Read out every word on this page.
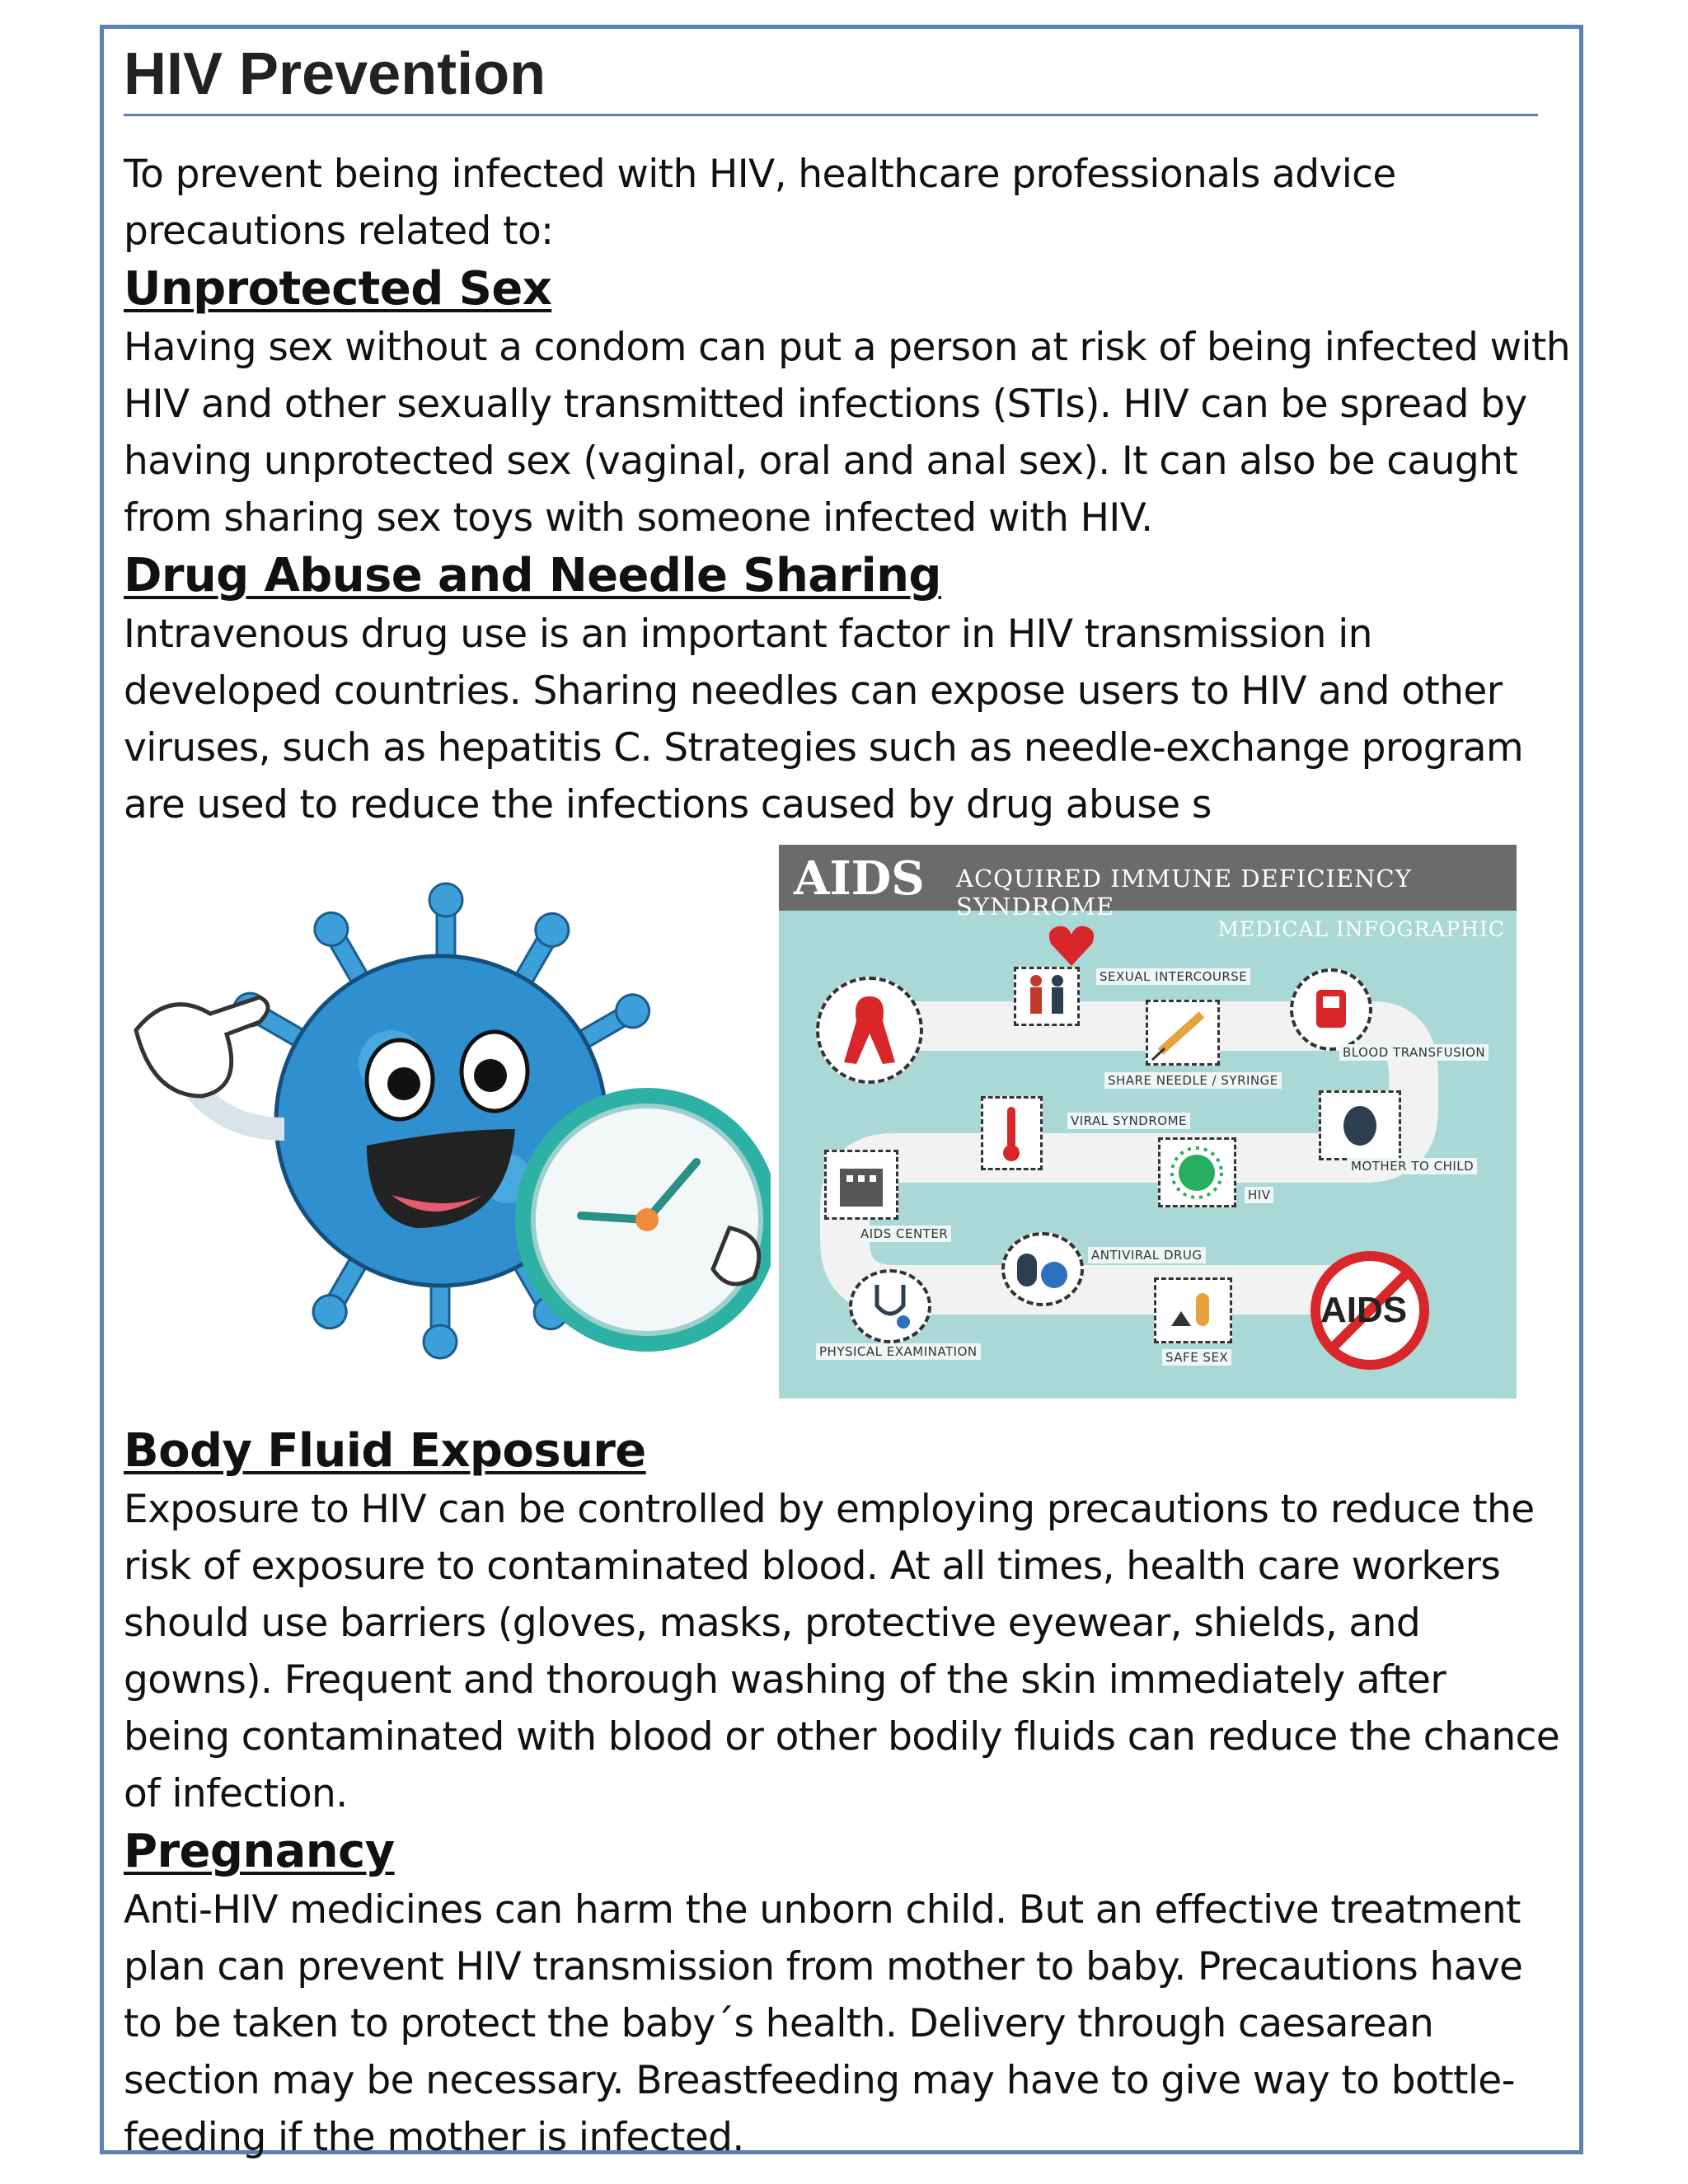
HIV Prevention

To prevent being infected with HIV, healthcare professionals advice

precautions related to:

Unprotected Sex

Having sex without a condom can put a person at risk of being infected with

HIV and other sexually transmitted infections (STIs). HIV can be spread by

having unprotected sex (vaginal, oral and anal sex). It can also be caught

from sharing sex toys with someone infected with HIV.

Drug Abuse and Needle Sharing

Intravenous drug use is an important factor in HIV transmission in

developed countries. Sharing needles can expose users to HIV and other

viruses, such as hepatitis C. Strategies such as needle-exchange program

are used to reduce the infections caused by drug abuse s

AIDS ACQUIRED IMMUNE DEFICIENCY SYNDROME
MEDICAL INFOGRAPHIC
SEXUAL INTERCOURSE
SHARE NEEDLE / SYRINGE
BLOOD TRANSFUSION
VIRAL SYNDROME
MOTHER TO CHILD
HIV
AIDS CENTER
ANTIVIRAL DRUG
PHYSICAL EXAMINATION	SAFE SEX
AIDS
Body Fluid Exposure

Exposure to HIV can be controlled by employing precautions to reduce the

risk of exposure to contaminated blood. At all times, health care workers

should use barriers (gloves, masks, protective eyewear, shields, and

gowns). Frequent and thorough washing of the skin immediately after

being contaminated with blood or other bodily fluids can reduce the chance

of infection.

Pregnancy

Anti-HIV medicines can harm the unborn child. But an effective treatment

plan can prevent HIV transmission from mother to baby. Precautions have

to be taken to protect the baby´s health. Delivery through caesarean

section may be necessary. Breastfeeding may have to give way to bottle-

feeding if the mother is infected.
